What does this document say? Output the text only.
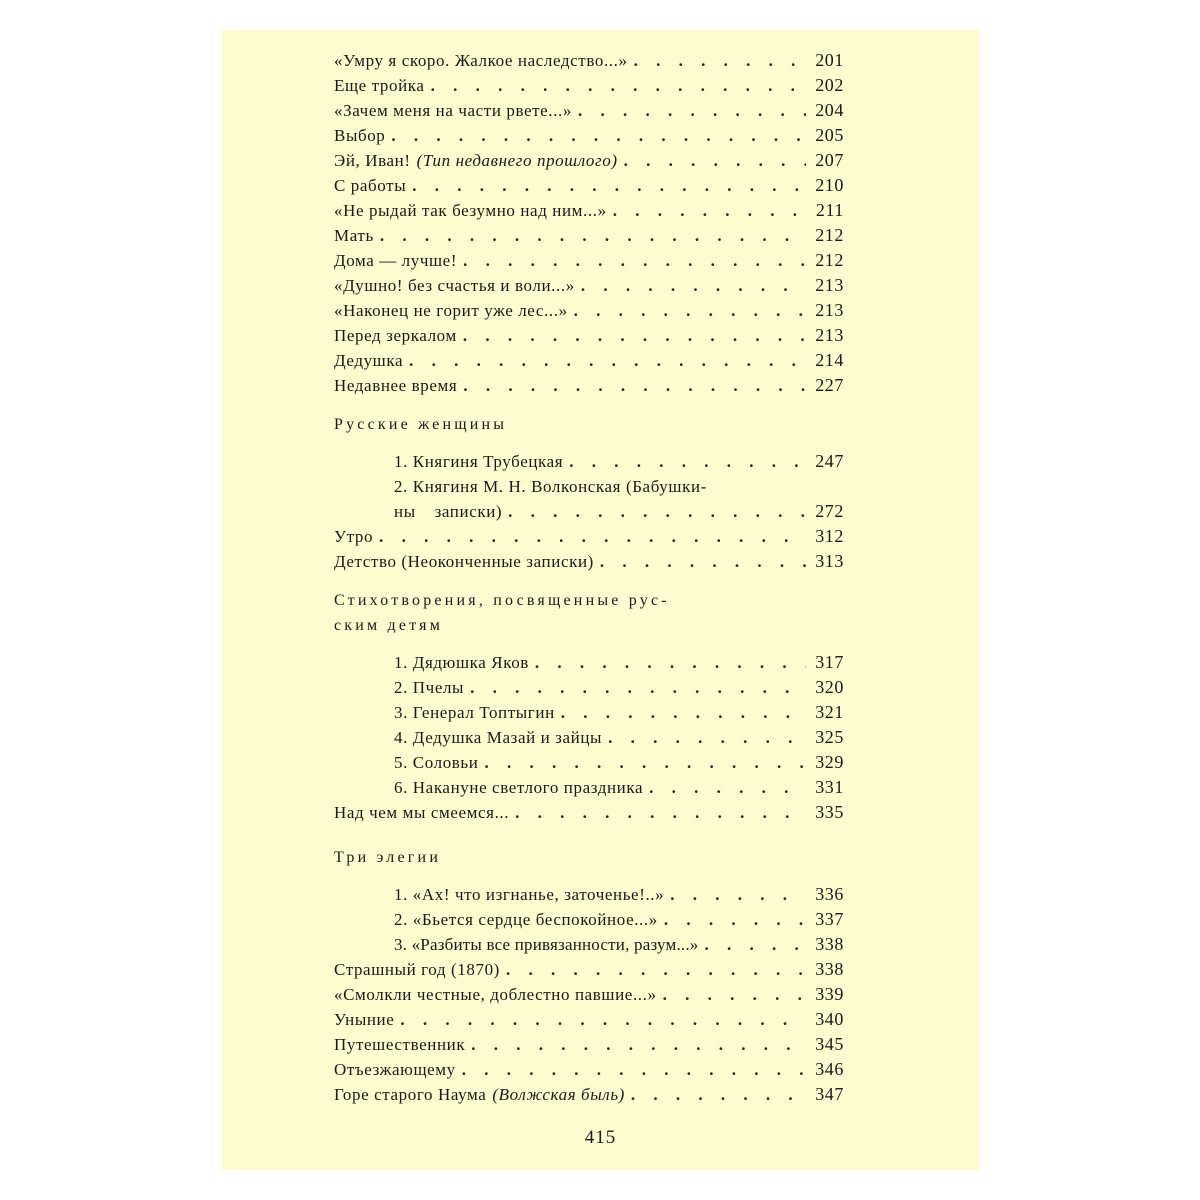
«Умру я скоро. Жалкое наследство...» . . .	201
Еще тройка . . .	202
«Зачем меня на части рвете...» . . .	204
Выбор . . .	205
Эй, Иван! (Тип недавнего прошлого) . . .	207
С работы . . .	210
«Не рыдай так безумно над ним...» . . .	211
Мать . . .	212
Дома — лучше! . . .	212
«Душно! без счастья и воли...» . . .	213
«Наконец не горит уже лес...» . . .	213
Перед зеркалом . . .	213
Дедушка . . .	214
Недавнее время . . .	227
Русские женщины
1. Княгиня Трубецкая . . .	247
2. Княгиня М. Н. Волконская (Бабушки-
ны записки) . . .	272
Утро . . .	312
Детство (Неоконченные записки) . . .	313
Стихотворения, посвященные рус-
ским детям
1. Дядюшка Яков . . .	317
2. Пчелы . . .	320
3. Генерал Топтыгин . . .	321
4. Дедушка Мазай и зайцы . . .	325
5. Соловьи . . .	329
6. Накануне светлого праздника . . .	331
Над чем мы смеемся... . . .	335
Три элегии
1. «Ах! что изгнанье, заточенье!..» . . .	336
2. «Бьется сердце беспокойное...» . . .	337
3. «Разбиты все привязанности, разум...» . . .	338
Страшный год (1870) . . .	338
«Смолкли честные, доблестно павшие...» . . .	339
Уныние . . .	340
Путешественник . . .	345
Отъезжающему . . .	346
Горе старого Наума (Волжская быль) . . .	347
415
